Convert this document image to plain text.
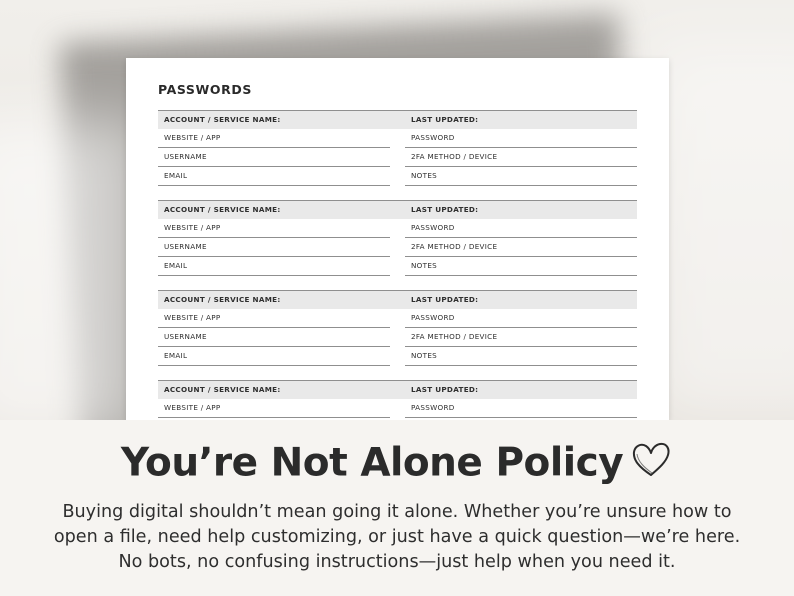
PASSWORDS
ACCOUNT / SERVICE NAME:	LAST UPDATED:
WEBSITE / APP	PASSWORD
USERNAME	2FA METHOD / DEVICE
EMAIL	NOTES
ACCOUNT / SERVICE NAME:	LAST UPDATED:
WEBSITE / APP	PASSWORD
USERNAME	2FA METHOD / DEVICE
EMAIL	NOTES
ACCOUNT / SERVICE NAME:	LAST UPDATED:
WEBSITE / APP	PASSWORD
USERNAME	2FA METHOD / DEVICE
EMAIL	NOTES
ACCOUNT / SERVICE NAME:	LAST UPDATED:
WEBSITE / APP	PASSWORD
You’re Not Alone Policy
Buying digital shouldn’t mean going it alone. Whether you’re unsure how to
open a file, need help customizing, or just have a quick question—we’re here.
No bots, no confusing instructions—just help when you need it.
